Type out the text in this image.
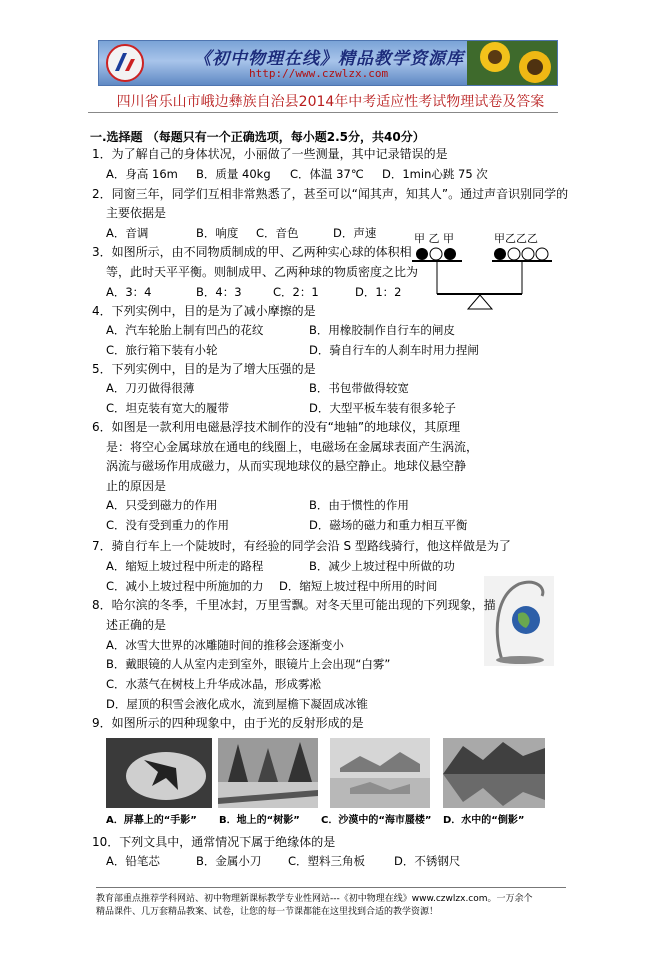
《初中物理在线》精品教学资源库
http://www.czwlzx.com
四川省乐山市峨边彝族自治县2014年中考适应性考试物理试卷及答案
一.选择题 （每题只有一个正确选项，每小题2.5分，共40分）
1．为了解自己的身体状况，小丽做了一些测量，其中记录错误的是
A．身高 16m B．质量 40kg C．体温 37℃ D．1min心跳 75 次
2．同窗三年，同学们互相非常熟悉了，甚至可以“闻其声，知其人”。通过声音识别同学的
主要依据是
A．音调	B．响度 C．音色	D．声速
3．如图所示，由不同物质制成的甲、乙两种实心球的体积相
等，此时天平平衡。则制成甲、乙两种球的物质密度之比为
A．3：4	B．4：3	C．2：1	D．1：2
甲 乙 甲	甲乙乙乙
4．下列实例中，目的是为了减小摩擦的是
A．汽车轮胎上制有凹凸的花纹	B．用橡胶制作自行车的闸皮
C．旅行箱下装有小轮	D．骑自行车的人刹车时用力捏闸
5．下列实例中，目的是为了增大压强的是
A．刀刃做得很薄	B．书包带做得较宽
C．坦克装有宽大的履带	D．大型平板车装有很多轮子
6．如图是一款利用电磁悬浮技术制作的没有“地轴”的地球仪，其原理
是：将空心金属球放在通电的线圈上，电磁场在金属球表面产生涡流，
涡流与磁场作用成磁力，从而实现地球仪的悬空静止。地球仪悬空静
止的原因是
A．只受到磁力的作用	B．由于惯性的作用
C．没有受到重力的作用	D．磁场的磁力和重力相互平衡
7．骑自行车上一个陡坡时，有经验的同学会沿 S 型路线骑行，他这样做是为了
A．缩短上坡过程中所走的路程	B．减少上坡过程中所做的功
C．减小上坡过程中所施加的力 D．缩短上坡过程中所用的时间
8．哈尔滨的冬季，千里冰封，万里雪飘。对冬天里可能出现的下列现象，描
述正确的是
A．冰雪大世界的冰雕随时间的推移会逐渐变小
B．戴眼镜的人从室内走到室外，眼镜片上会出现“白雾”
C．水蒸气在树枝上升华成冰晶，形成雾凇
D．屋顶的积雪会液化成水，流到屋檐下凝固成冰锥
9．如图所示的四种现象中，由于光的反射形成的是
A．屏幕上的“手影” B．地上的“树影” C．沙漠中的“海市蜃楼” D．水中的“倒影”
10．下列文具中，通常情况下属于绝缘体的是
A．铅笔芯	B．金属小刀 C．塑料三角板	D．不锈钢尺
教育部重点推荐学科网站、初中物理新课标教学专业性网站---《初中物理在线》www.czwlzx.com。一万余个
精品课件、几万套精品教案、试卷，让您的每一节课都能在这里找到合适的教学资源！
